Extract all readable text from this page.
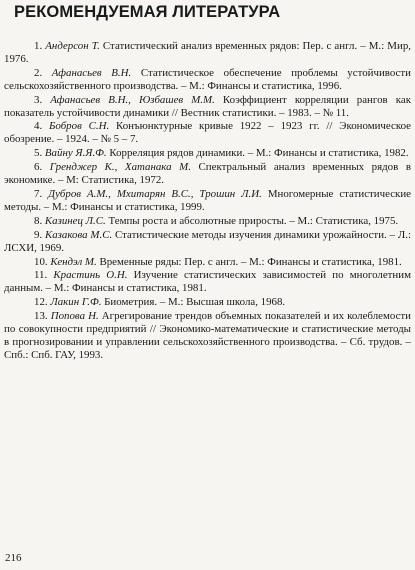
РЕКОМЕНДУЕМАЯ ЛИТЕРАТУРА
1. Андерсон Т. Статистический анализ временных рядов: Пер. с англ. – М.: Мир, 1976.
2. Афанасьев В.Н. Статистическое обеспечение проблемы устойчивости сельскохозяйственного производства. – М.: Финансы и статистика, 1996.
3. Афанасьев В.Н., Юзбашев М.М. Коэффициент корреляции рангов как показатель устойчивости динамики // Вестник статистики. – 1983. – № 11.
4. Бобров С.Н. Конъюнктурные кривые 1922 – 1923 гг. // Экономическое обозрение. – 1924. – № 5 – 7.
5. Вайну Я.Я.Ф. Корреляция рядов динамики. – М.: Финансы и статистика, 1982.
6. Гренджер К., Хатанака М. Спектральный анализ временных рядов в экономике. – М: Статистика, 1972.
7. Дубров А.М., Мхитарян В.С., Трошин Л.И. Многомерные статистические методы. – М.: Финансы и статистика, 1999.
8. Казинец Л.С. Темпы роста и абсолютные приросты. – М.: Статистика, 1975.
9. Казакова М.С. Статистические методы изучения динамики урожайности. – Л.: ЛСХИ, 1969.
10. Кендэл М. Временные ряды: Пер. с англ. – М.: Финансы и статистика, 1981.
11. Крастинь О.Н. Изучение статистических зависимостей по многолетним данным. – М.: Финансы и статистика, 1981.
12. Лакин Г.Ф. Биометрия. – М.: Высшая школа, 1968.
13. Попова Н. Агрегирование трендов объемных показателей и их колеблемости по совокупности предприятий // Экономико-математические и статистические методы в прогнозировании и управлении сельскохозяйственного производства. – Сб. трудов. – Спб.: Спб. ГАУ, 1993.
216
